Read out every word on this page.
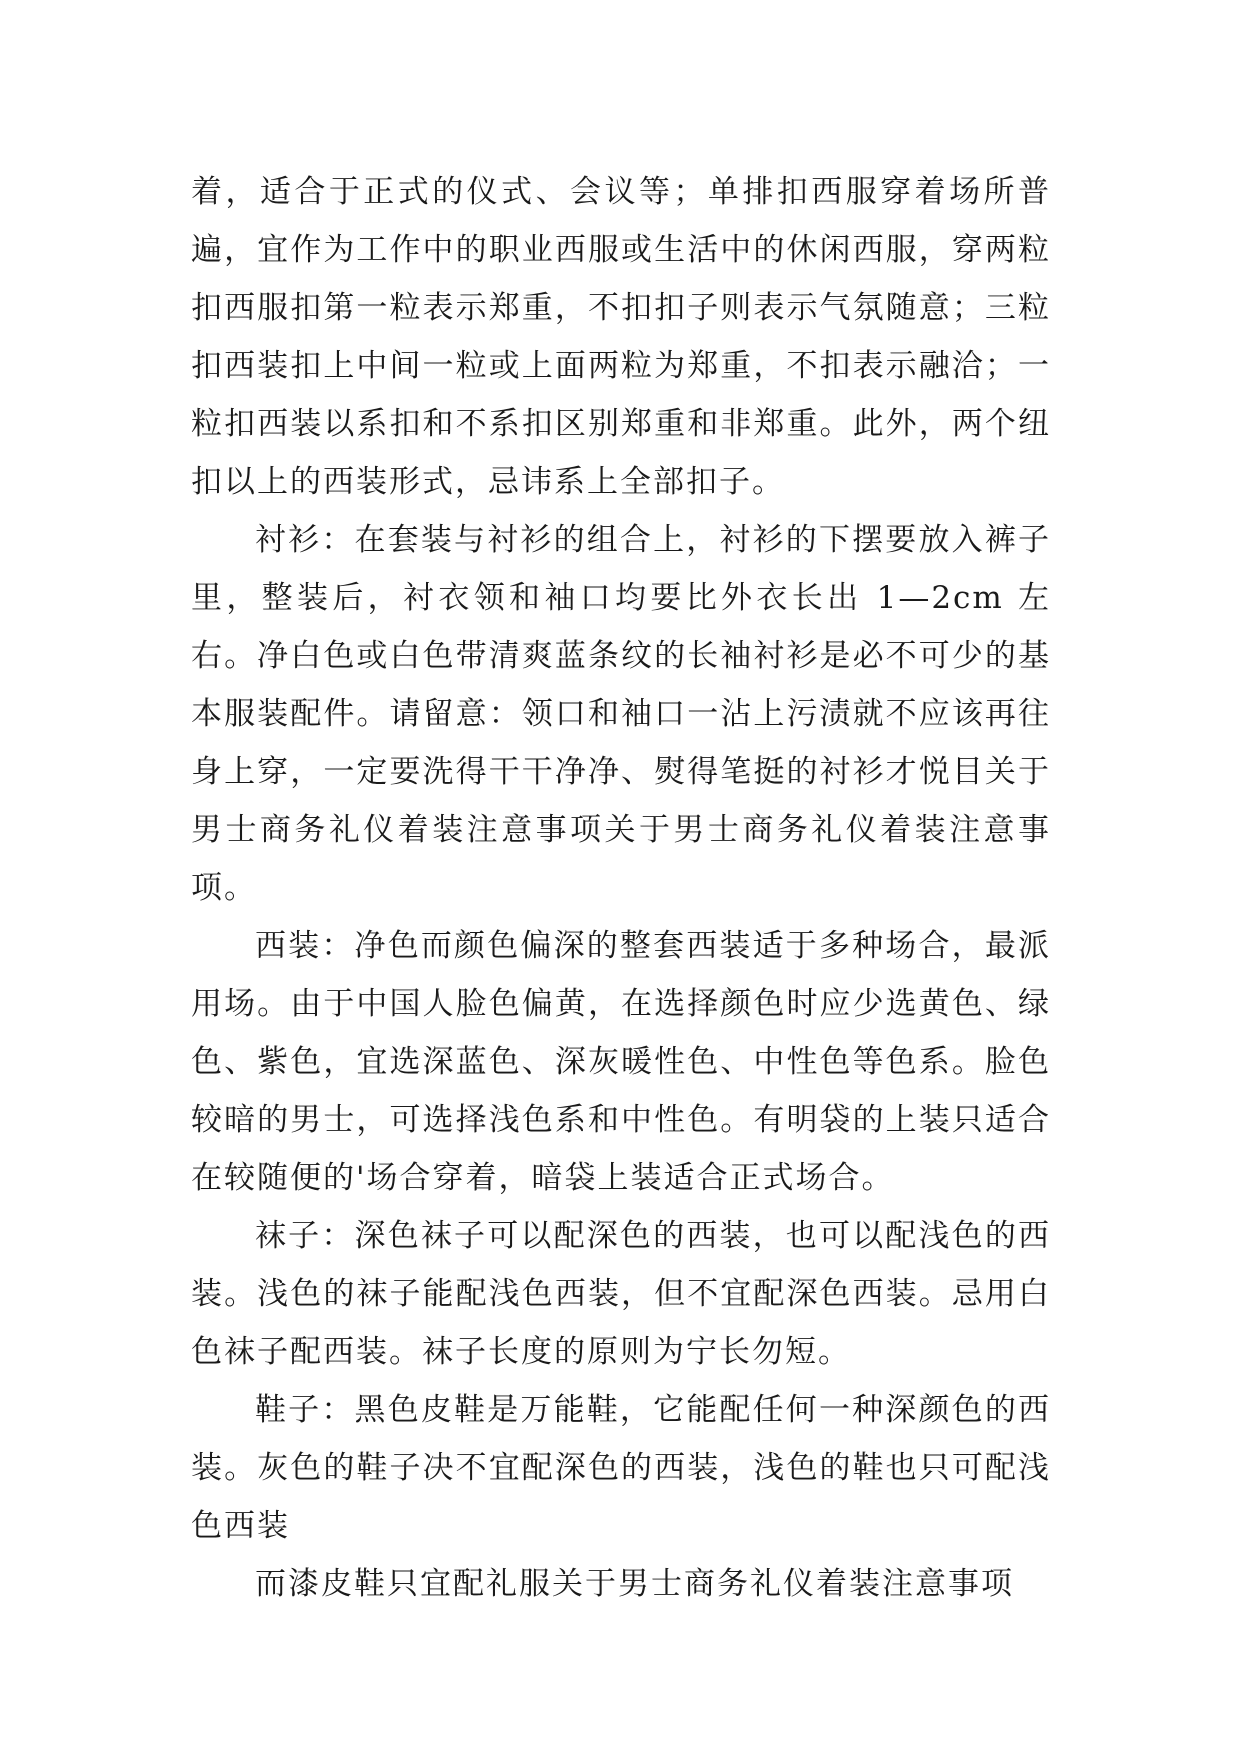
着，适合于正式的仪式、会议等；单排扣西服穿着场所普遍，宜作为工作中的职业西服或生活中的休闲西服，穿两粒扣西服扣第一粒表示郑重，不扣扣子则表示气氛随意；三粒扣西装扣上中间一粒或上面两粒为郑重，不扣表示融洽；一粒扣西装以系扣和不系扣区别郑重和非郑重。此外，两个纽扣以上的西装形式，忌讳系上全部扣子。

衬衫：在套装与衬衫的组合上，衬衫的下摆要放入裤子里，整装后，衬衣领和袖口均要比外衣长出 1—2cm 左右。净白色或白色带清爽蓝条纹的长袖衬衫是必不可少的基本服装配件。请留意：领口和袖口一沾上污渍就不应该再往身上穿，一定要洗得干干净净、熨得笔挺的衬衫才悦目关于男士商务礼仪着装注意事项关于男士商务礼仪着装注意事项。

西装：净色而颜色偏深的整套西装适于多种场合，最派用场。由于中国人脸色偏黄，在选择颜色时应少选黄色、绿色、紫色，宜选深蓝色、深灰暖性色、中性色等色系。脸色较暗的男士，可选择浅色系和中性色。有明袋的上装只适合在较随便的'场合穿着，暗袋上装适合正式场合。

袜子：深色袜子可以配深色的西装，也可以配浅色的西装。浅色的袜子能配浅色西装，但不宜配深色西装。忌用白色袜子配西装。袜子长度的原则为宁长勿短。

鞋子：黑色皮鞋是万能鞋，它能配任何一种深颜色的西装。灰色的鞋子决不宜配深色的西装，浅色的鞋也只可配浅色西装

而漆皮鞋只宜配礼服关于男士商务礼仪着装注意事项
